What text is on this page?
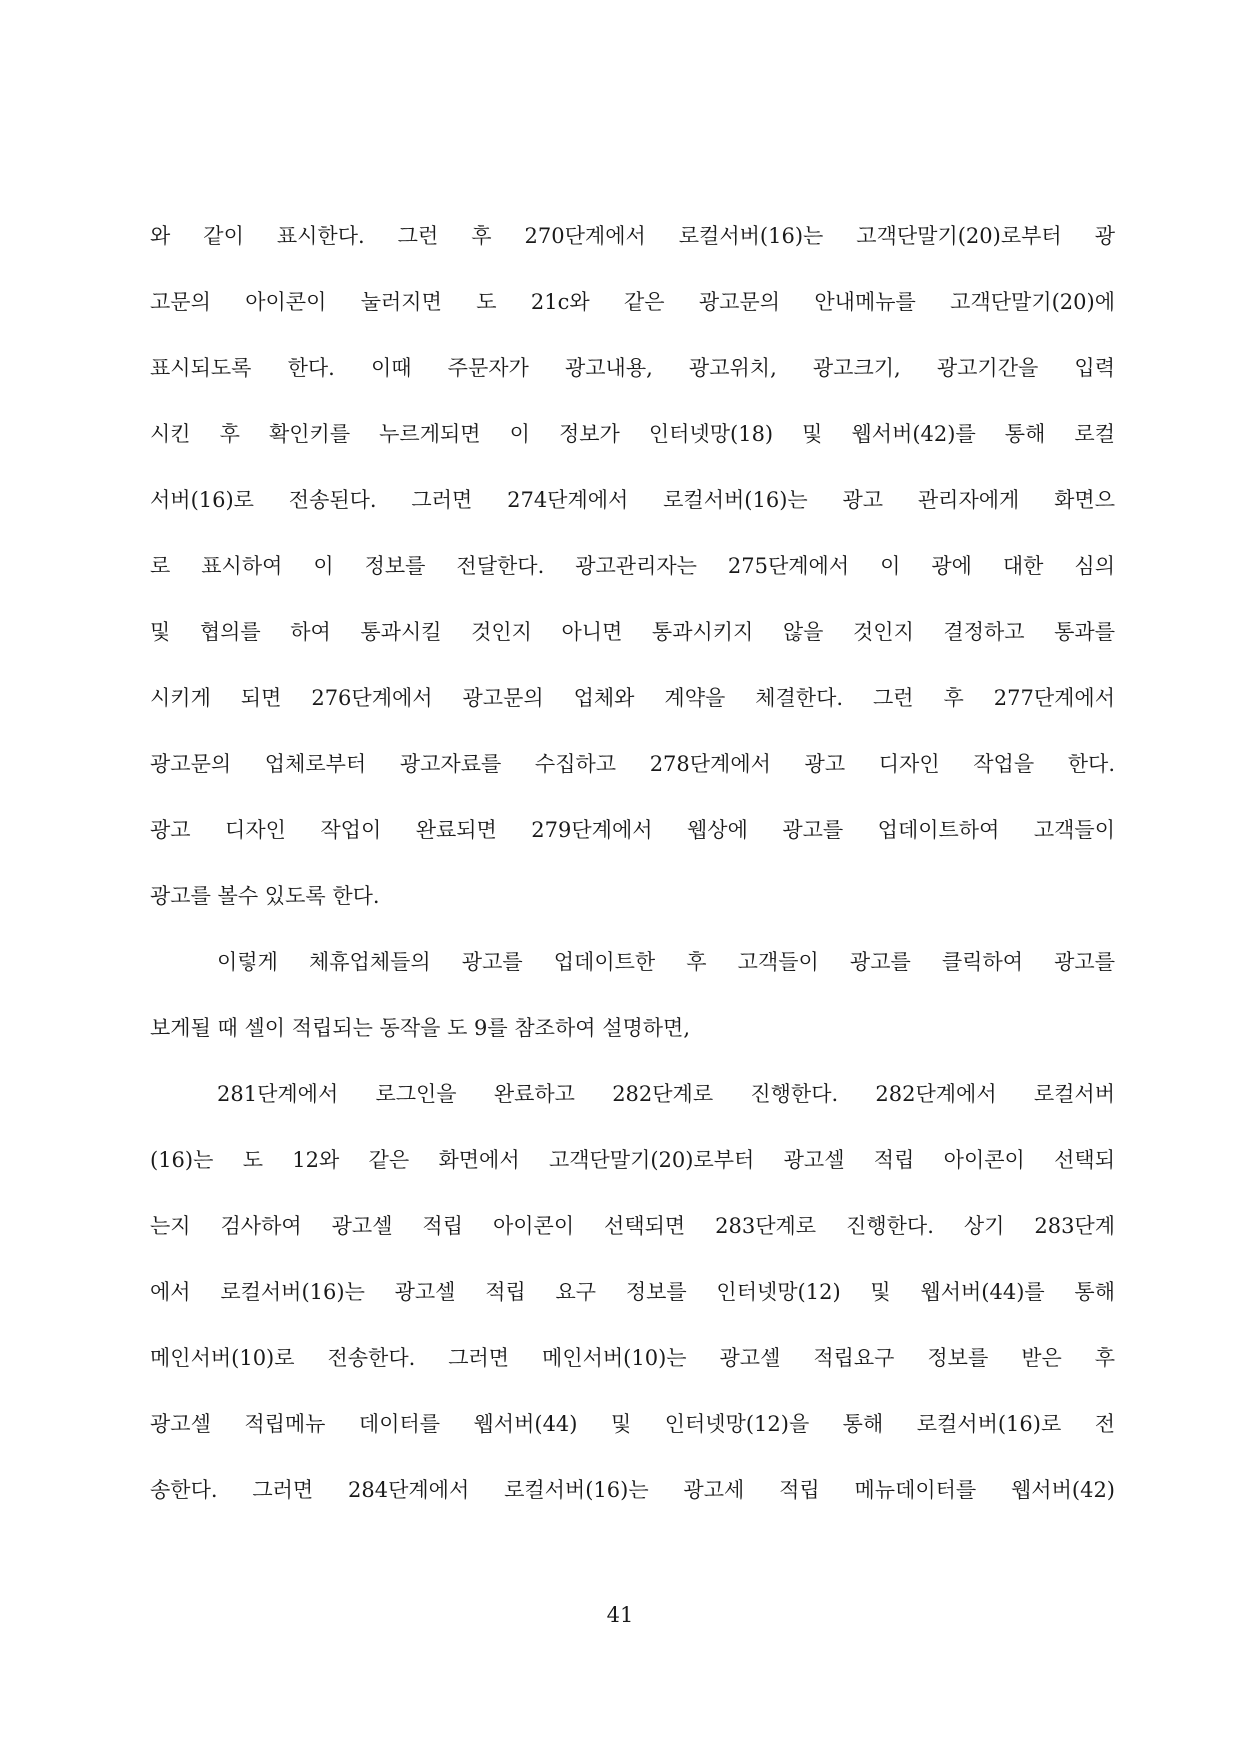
와 같이 표시한다. 그런 후 270단계에서 로컬서버(16)는 고객단말기(20)로부터 광
고문의 아이콘이 눌러지면 도 21c와 같은 광고문의 안내메뉴를 고객단말기(20)에
표시되도록 한다. 이때 주문자가 광고내용, 광고위치, 광고크기, 광고기간을 입력
시킨 후 확인키를 누르게되면 이 정보가 인터넷망(18) 및 웹서버(42)를 통해 로컬
서버(16)로 전송된다. 그러면 274단계에서 로컬서버(16)는 광고 관리자에게 화면으
로 표시하여 이 정보를 전달한다. 광고관리자는 275단계에서 이 광에 대한 심의
및 협의를 하여 통과시킬 것인지 아니면 통과시키지 않을 것인지 결정하고 통과를
시키게 되면 276단계에서 광고문의 업체와 계약을 체결한다. 그런 후 277단계에서
광고문의 업체로부터 광고자료를 수집하고 278단계에서 광고 디자인 작업을 한다.
광고 디자인 작업이 완료되면 279단계에서 웹상에 광고를 업데이트하여 고객들이
광고를 볼수 있도록 한다.
이렇게 체휴업체들의 광고를 업데이트한 후 고객들이 광고를 클릭하여 광고를
보게될 때 셀이 적립되는 동작을 도 9를 참조하여 설명하면,
281단계에서 로그인을 완료하고 282단계로 진행한다. 282단계에서 로컬서버
(16)는 도 12와 같은 화면에서 고객단말기(20)로부터 광고셀 적립 아이콘이 선택되
는지 검사하여 광고셀 적립 아이콘이 선택되면 283단계로 진행한다. 상기 283단계
에서 로컬서버(16)는 광고셀 적립 요구 정보를 인터넷망(12) 및 웹서버(44)를 통해
메인서버(10)로 전송한다. 그러면 메인서버(10)는 광고셀 적립요구 정보를 받은 후
광고셀 적립메뉴 데이터를 웹서버(44) 및 인터넷망(12)을 통해 로컬서버(16)로 전
송한다. 그러면 284단계에서 로컬서버(16)는 광고세 적립 메뉴데이터를 웹서버(42)
41
